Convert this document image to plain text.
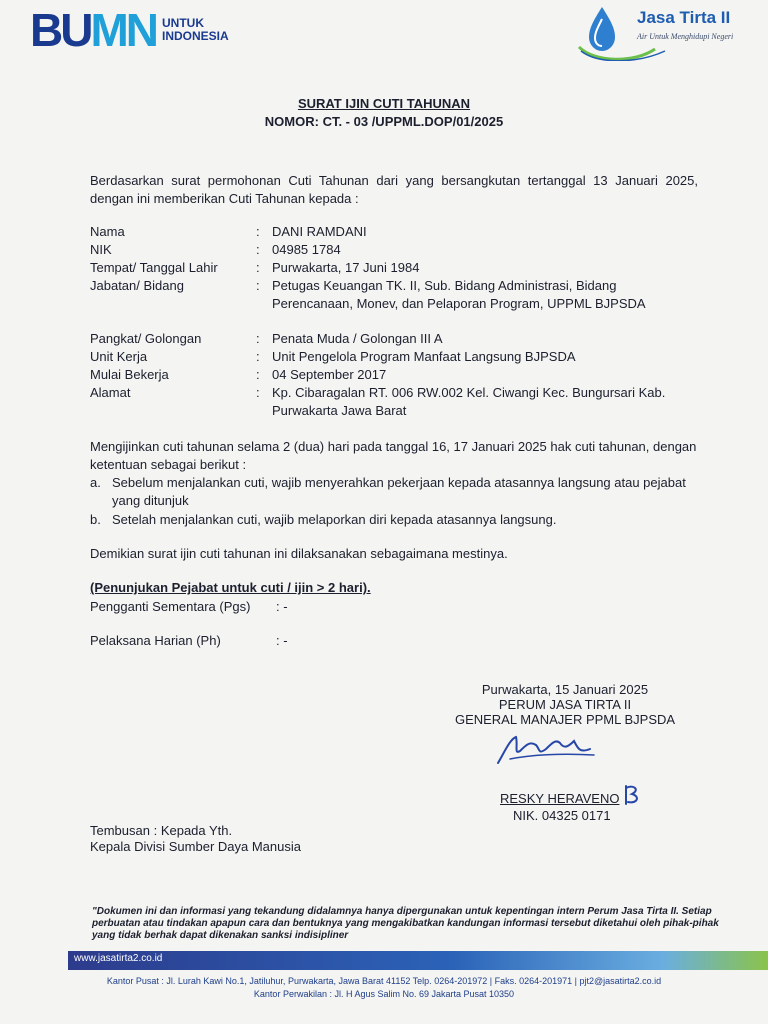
BUMN UNTUK
INDONESIA
Jasa Tirta II
Air Untuk Menghidupi Negeri
SURAT IJIN CUTI TAHUNAN
NOMOR: CT. - 03 /UPPML.DOP/01/2025
Berdasarkan surat permohonan Cuti Tahunan dari yang bersangkutan tertanggal 13 Januari 2025, dengan ini memberikan Cuti Tahunan kepada :
Nama	: DANI RAMDANI
NIK	: 04985 1784
Tempat/ Tanggal Lahir	: Purwakarta, 17 Juni 1984
Jabatan/ Bidang	: Petugas Keuangan TK. II, Sub. Bidang Administrasi, Bidang Perencanaan, Monev, dan Pelaporan Program, UPPML BJPSDA
Pangkat/ Golongan	: Penata Muda / Golongan III A
Unit Kerja	: Unit Pengelola Program Manfaat Langsung BJPSDA
Mulai Bekerja	: 04 September 2017
Alamat	: Kp. Cibaragalan RT. 006 RW.002 Kel. Ciwangi Kec. Bungursari Kab. Purwakarta Jawa Barat
Mengijinkan cuti tahunan selama 2 (dua) hari pada tanggal 16, 17 Januari 2025 hak cuti tahunan, dengan ketentuan sebagai berikut :
a. Sebelum menjalankan cuti, wajib menyerahkan pekerjaan kepada atasannya langsung atau pejabat yang ditunjuk
b. Setelah menjalankan cuti, wajib melaporkan diri kepada atasannya langsung.
Demikian surat ijin cuti tahunan ini dilaksanakan sebagaimana mestinya.
(Penunjukan Pejabat untuk cuti / ijin > 2 hari).
Pengganti Sementara (Pgs) : -
Pelaksana Harian (Ph)	: -
Purwakarta, 15 Januari 2025
PERUM JASA TIRTA II
GENERAL MANAJER PPML BJPSDA
RESKY HERAVENO
NIK. 04325 0171
Tembusan : Kepada Yth.
Kepala Divisi Sumber Daya Manusia
"Dokumen ini dan informasi yang tekandung didalamnya hanya dipergunakan untuk kepentingan intern Perum Jasa Tirta II. Setiap perbuatan atau tindakan apapun cara dan bentuknya yang mengakibatkan kandungan informasi tersebut diketahui oleh pihak-pihak yang tidak berhak dapat dikenakan sanksi indisipliner
www.jasatirta2.co.id
Kantor Pusat : Jl. Lurah Kawi No.1, Jatiluhur, Purwakarta, Jawa Barat 41152 Telp. 0264-201972 | Faks. 0264-201971 | pjt2@jasatirta2.co.id
Kantor Perwakilan : Jl. H Agus Salim No. 69 Jakarta Pusat 10350
